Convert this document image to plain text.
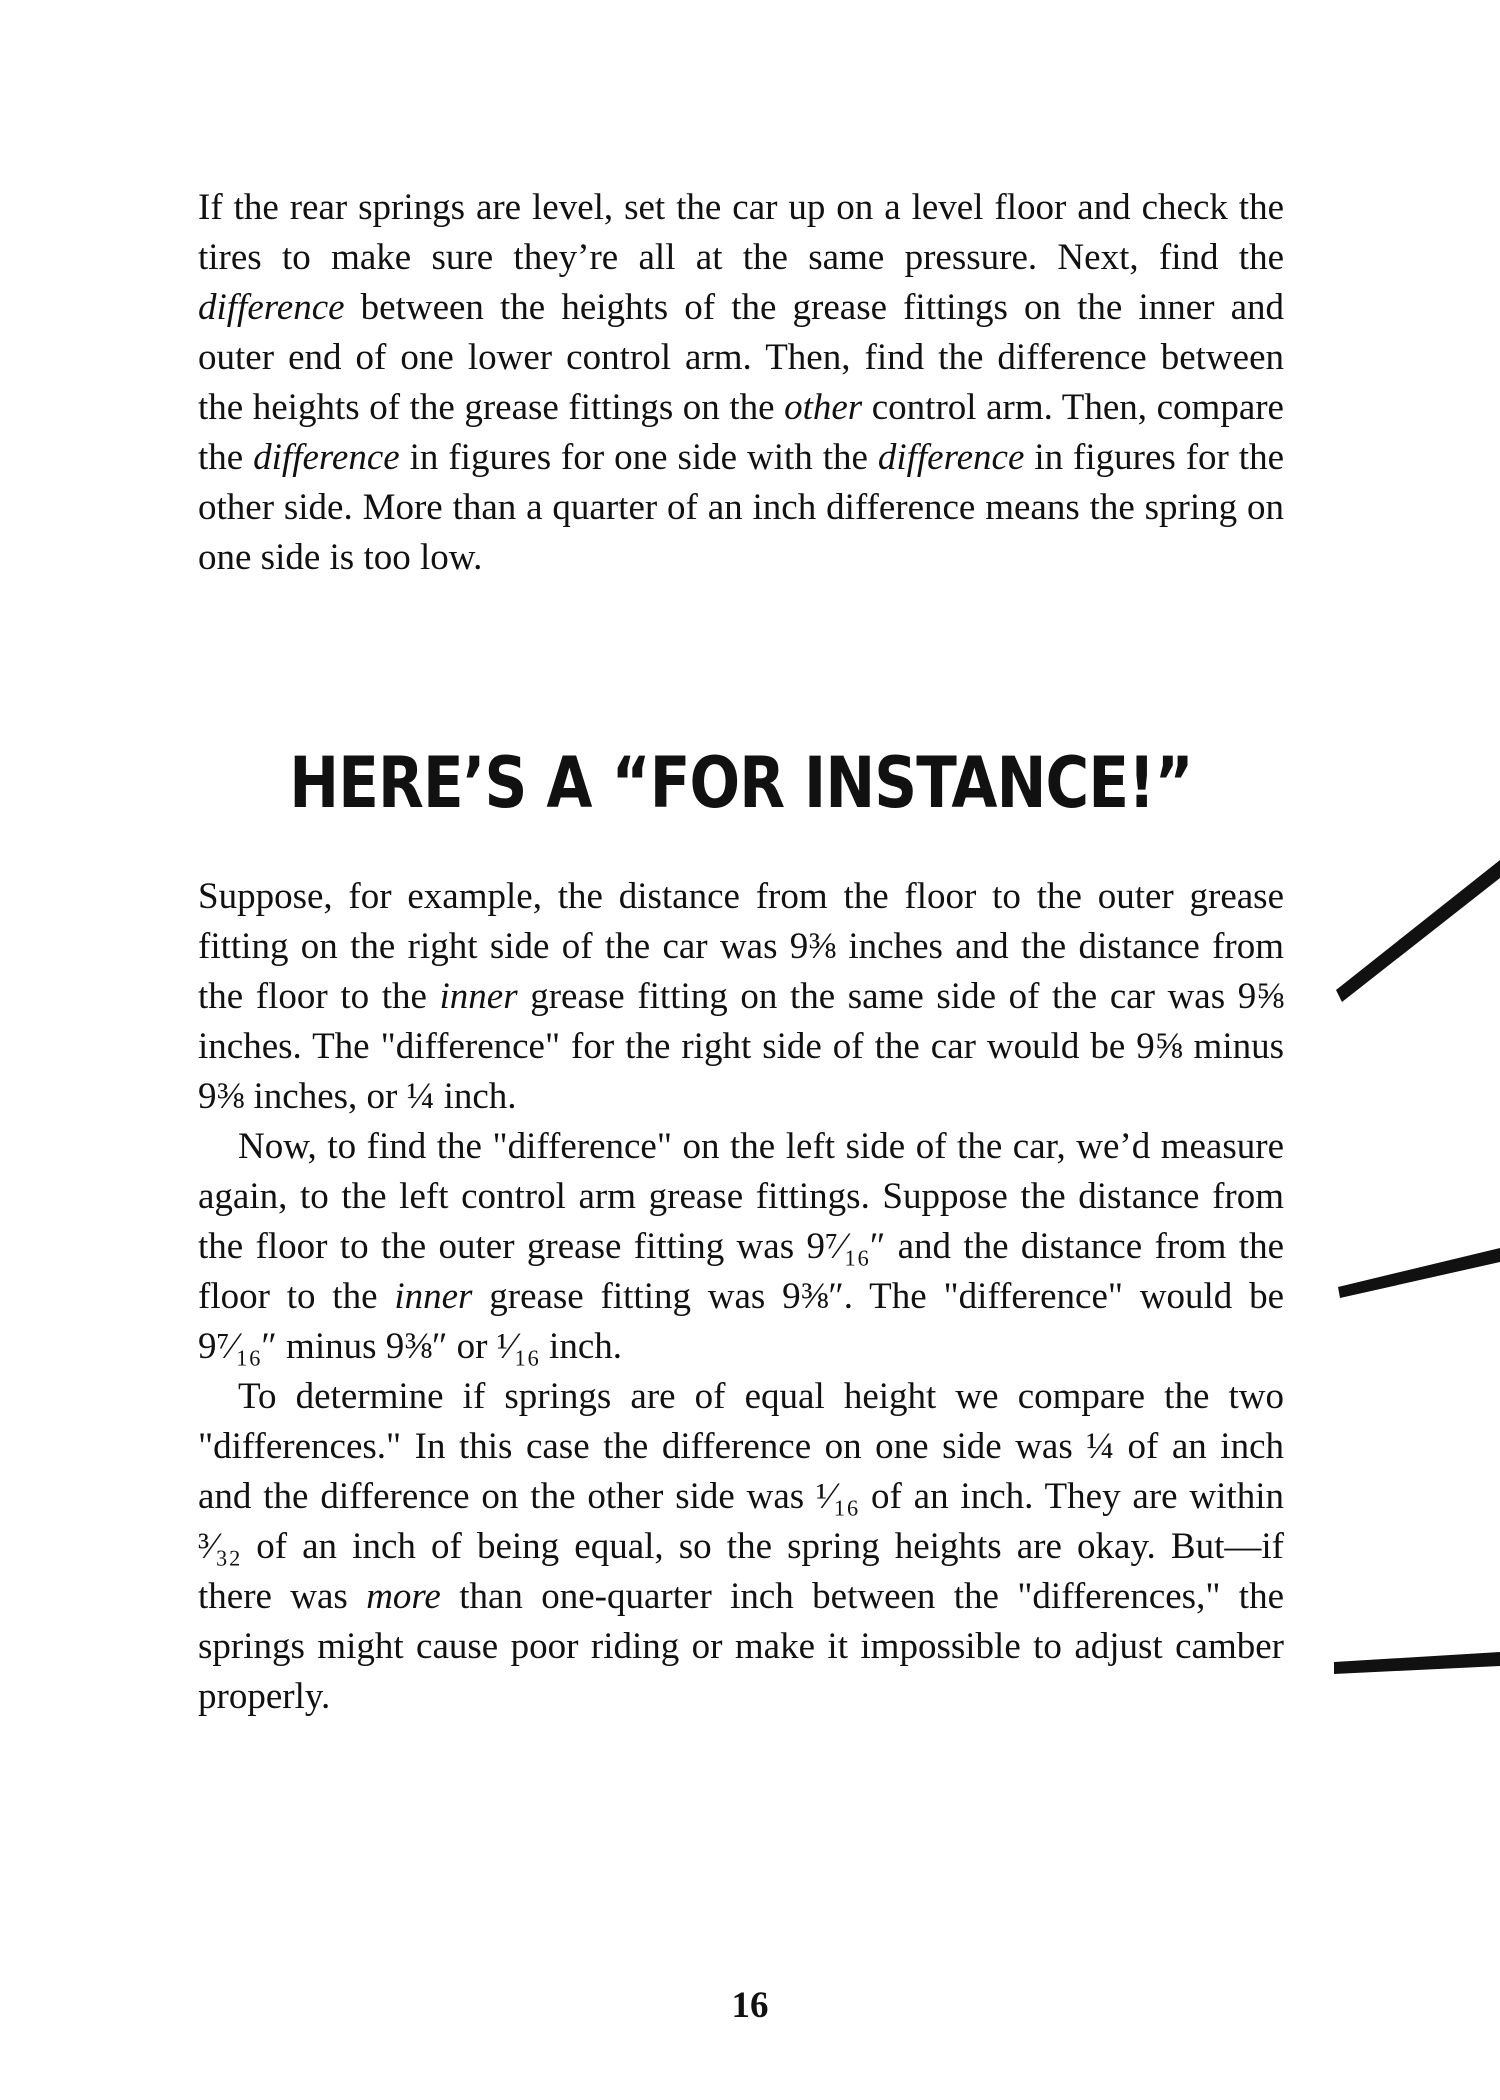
If the rear springs are level, set the car up on a level floor and check the tires to make sure they’re all at the same pressure. Next, find the difference between the heights of the grease fittings on the inner and outer end of one lower control arm. Then, find the difference between the heights of the grease fittings on the other control arm. Then, compare the difference in figures for one side with the difference in figures for the other side. More than a quarter of an inch difference means the spring on one side is too low.

HERE’S A “FOR INSTANCE!”

Suppose, for example, the distance from the floor to the outer grease fitting on the right side of the car was 9⅜ inches and the distance from the floor to the inner grease fitting on the same side of the car was 9⅝ inches. The "difference" for the right side of the car would be 9⅝ minus 9⅜ inches, or ¼ inch.

Now, to find the "difference" on the left side of the car, we’d measure again, to the left control arm grease fittings. Suppose the distance from the floor to the outer grease fitting was 9⁷⁄₁₆″ and the distance from the floor to the inner grease fitting was 9⅜″. The "difference" would be 9⁷⁄₁₆″ minus 9⅜″ or ¹⁄₁₆ inch.

To determine if springs are of equal height we compare the two "differences." In this case the difference on one side was ¼ of an inch and the difference on the other side was ¹⁄₁₆ of an inch. They are within ³⁄₃₂ of an inch of being equal, so the spring heights are okay. But—if there was more than one-quarter inch between the "differences," the springs might cause poor riding or make it impossible to adjust camber properly.

16
